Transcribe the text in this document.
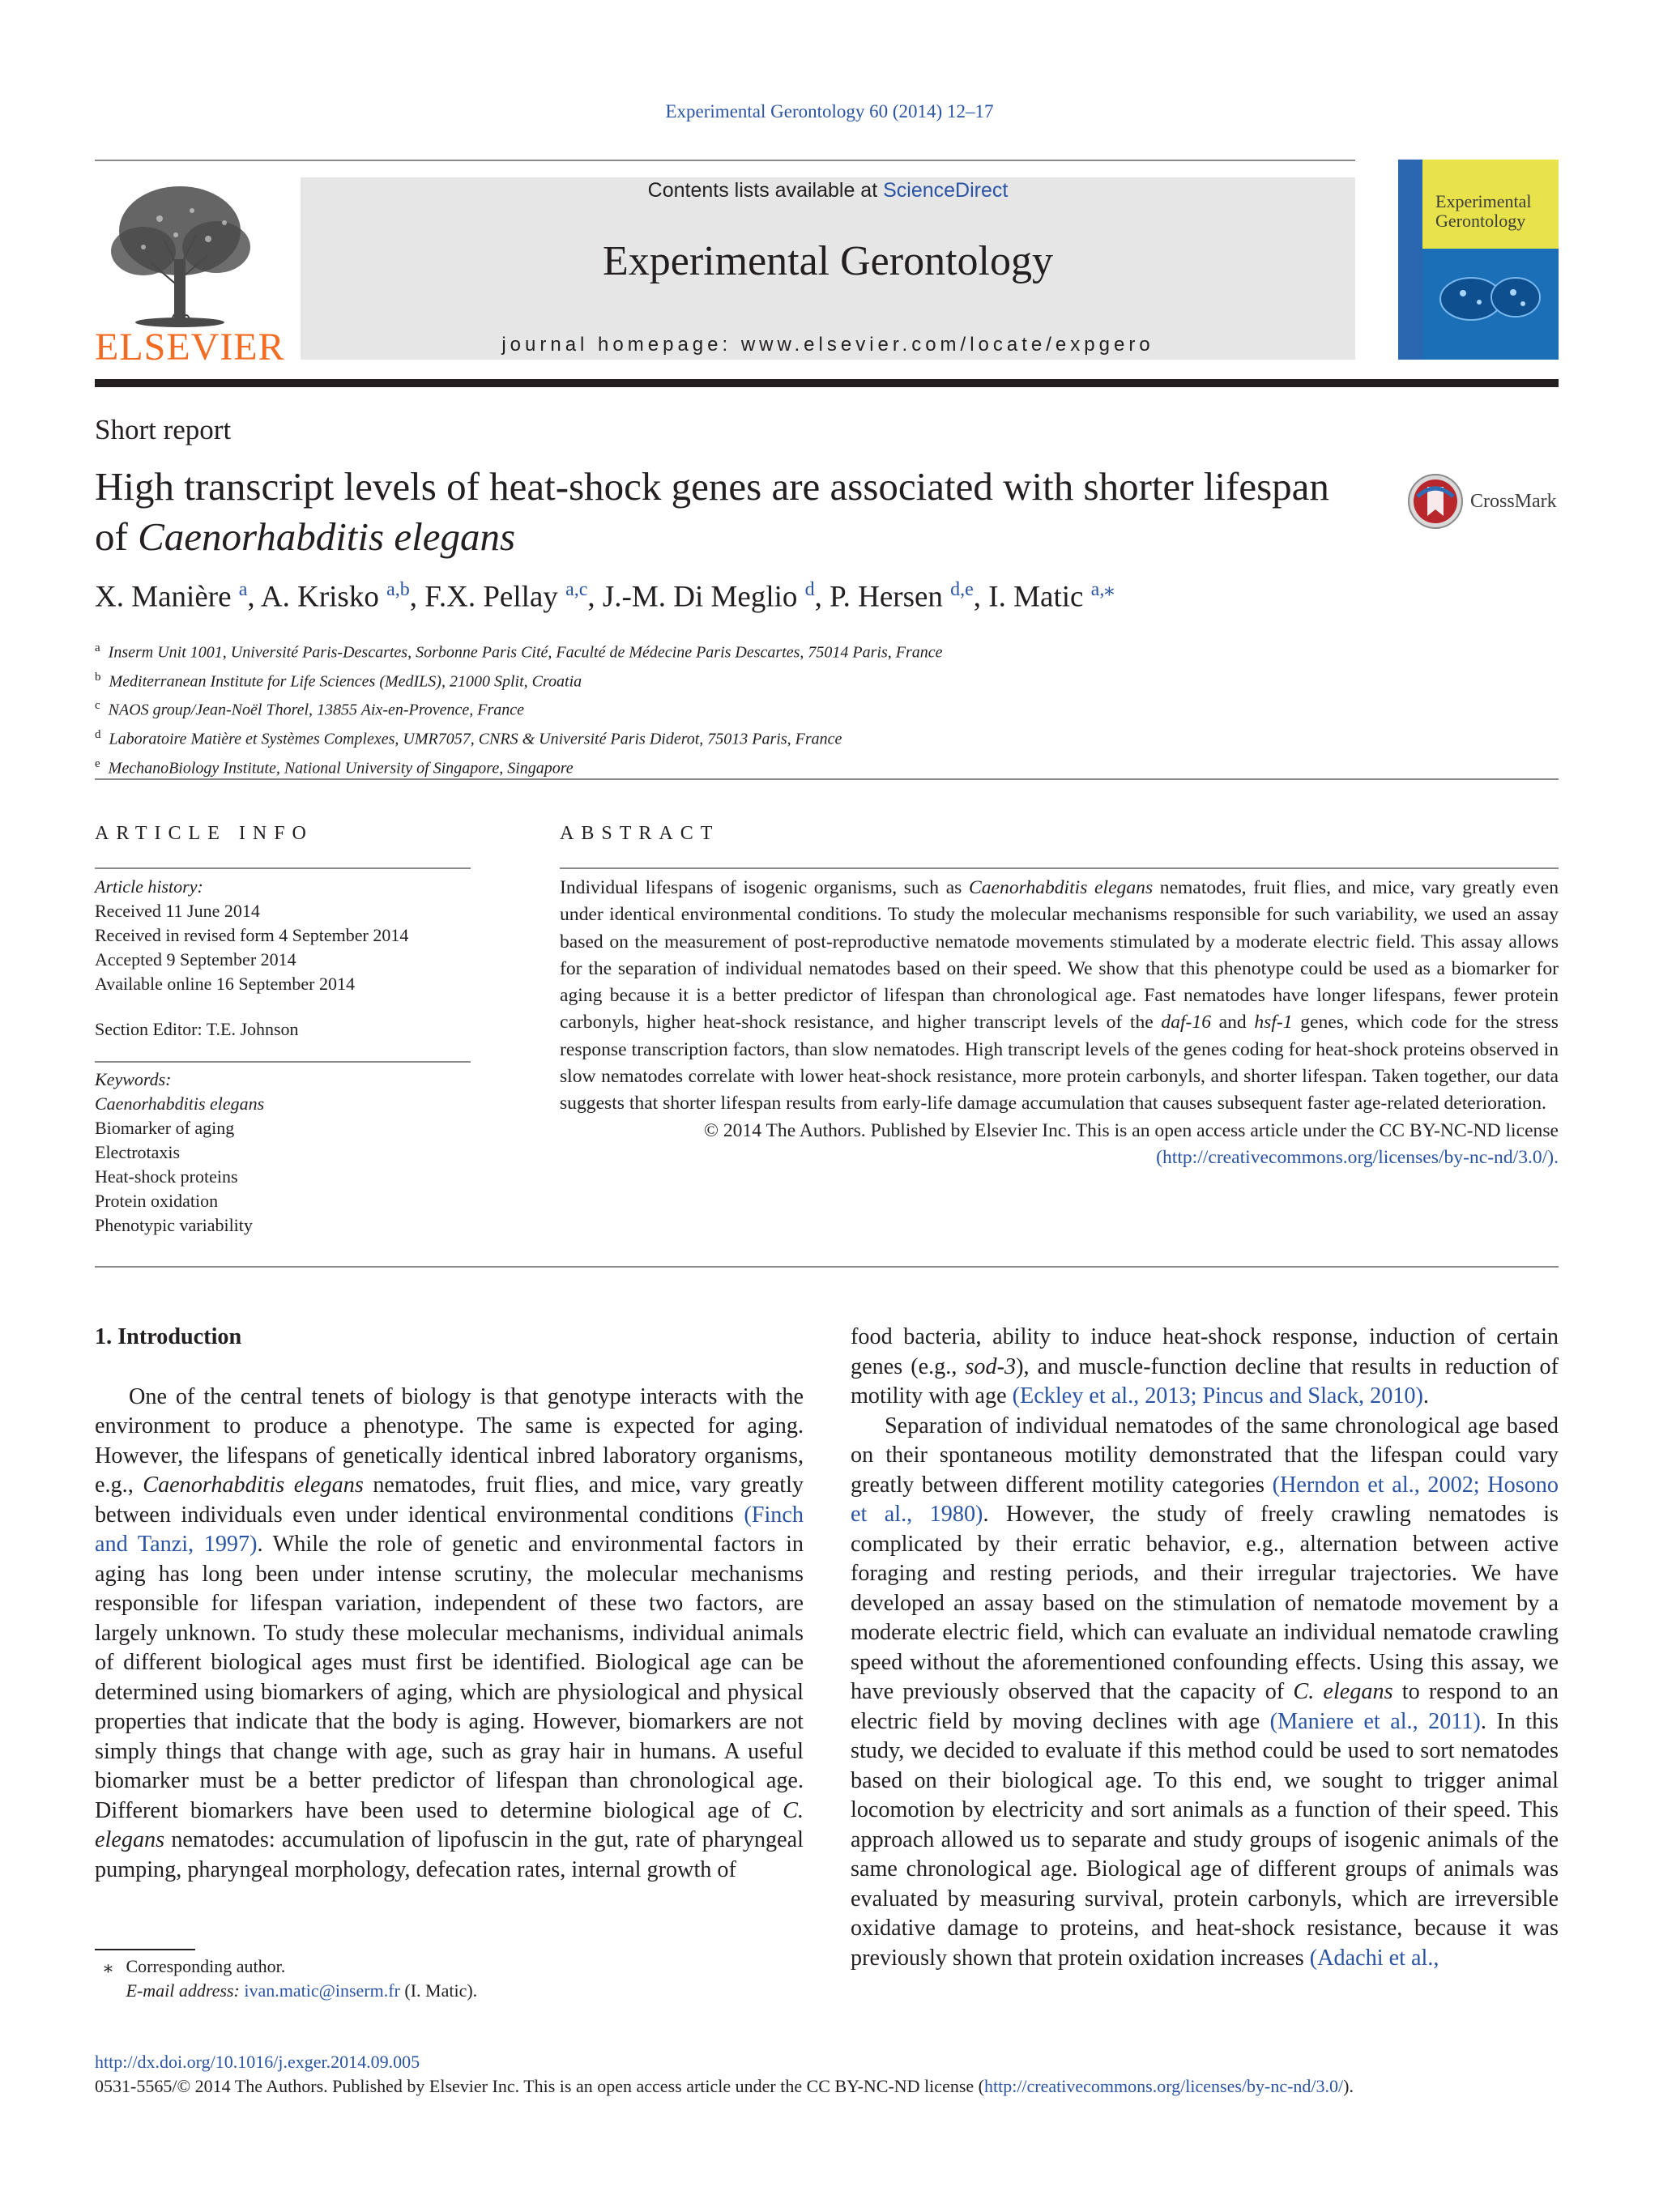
Experimental Gerontology 60 (2014) 12–17
ELSEVIER
Contents lists available at ScienceDirect
Experimental Gerontology
journal homepage: www.elsevier.com/locate/expgero
Experimental Gerontology
Short report
High transcript levels of heat-shock genes are associated with shorter lifespan of Caenorhabditis elegans
CrossMark
X. Manière $^a$, A. Krisko $^{a,b}$, F.X. Pellay $^{a,c}$, J.-M. Di Meglio $^d$, P. Hersen $^{d,e}$, I. Matic $^{a,⁎}$
$^a$ Inserm Unit 1001, Université Paris-Descartes, Sorbonne Paris Cité, Faculté de Médecine Paris Descartes, 75014 Paris, France
$^b$ Mediterranean Institute for Life Sciences (MedILS), 21000 Split, Croatia
$^c$ NAOS group/Jean-Noël Thorel, 13855 Aix-en-Provence, France
$^d$ Laboratoire Matière et Systèmes Complexes, UMR7057, CNRS & Université Paris Diderot, 75013 Paris, France
$^e$ MechanoBiology Institute, National University of Singapore, Singapore
ARTICLE INFO	ABSTRACT
Article history:
Received 11 June 2014
Received in revised form 4 September 2014
Accepted 9 September 2014
Available online 16 September 2014
Section Editor: T.E. Johnson
Keywords:
Caenorhabditis elegans
Biomarker of aging
Electrotaxis
Heat-shock proteins
Protein oxidation
Phenotypic variability

Individual lifespans of isogenic organisms, such as Caenorhabditis elegans nematodes, fruit flies, and mice, vary greatly even under identical environmental conditions. To study the molecular mechanisms responsible for such variability, we used an assay based on the measurement of post-reproductive nematode movements stimulated by a moderate electric field. This assay allows for the separation of individual nematodes based on their speed. We show that this phenotype could be used as a biomarker for aging because it is a better predictor of lifespan than chronological age. Fast nematodes have longer lifespans, fewer protein carbonyls, higher heat-shock resistance, and higher transcript levels of the daf-16 and hsf-1 genes, which code for the stress response transcription factors, than slow nematodes. High transcript levels of the genes coding for heat-shock proteins observed in slow nematodes correlate with lower heat-shock resistance, more protein carbonyls, and shorter lifespan. Taken together, our data suggests that shorter lifespan results from early-life damage accumulation that causes subsequent faster age-related deterioration.

© 2014 The Authors. Published by Elsevier Inc. This is an open access article under the CC BY-NC-ND license
(http://creativecommons.org/licenses/by-nc-nd/3.0/).

1. Introduction

One of the central tenets of biology is that genotype interacts with the environment to produce a phenotype. The same is expected for aging. However, the lifespans of genetically identical inbred laboratory organisms, e.g., Caenorhabditis elegans nematodes, fruit flies, and mice, vary greatly between individuals even under identical environmental conditions (Finch and Tanzi, 1997). While the role of genetic and environmental factors in aging has long been under intense scrutiny, the molecular mechanisms responsible for lifespan variation, independent of these two factors, are largely unknown. To study these molecular mechanisms, individual animals of different biological ages must first be identified. Biological age can be determined using biomarkers of aging, which are physiological and physical properties that indicate that the body is aging. However, biomarkers are not simply things that change with age, such as gray hair in humans. A useful biomarker must be a better predictor of lifespan than chronological age. Different biomarkers have been used to determine biological age of C. elegans nematodes: accumulation of lipofuscin in the gut, rate of pharyngeal pumping, pharyngeal morphology, defecation rates, internal growth of

food bacteria, ability to induce heat-shock response, induction of certain genes (e.g., sod-3), and muscle-function decline that results in reduction of motility with age (Eckley et al., 2013; Pincus and Slack, 2010).

Separation of individual nematodes of the same chronological age based on their spontaneous motility demonstrated that the lifespan could vary greatly between different motility categories (Herndon et al., 2002; Hosono et al., 1980). However, the study of freely crawling nematodes is complicated by their erratic behavior, e.g., alternation between active foraging and resting periods, and their irregular trajectories. We have developed an assay based on the stimulation of nematode movement by a moderate electric field, which can evaluate an individual nematode crawling speed without the aforementioned confounding effects. Using this assay, we have previously observed that the capacity of C. elegans to respond to an electric field by moving declines with age (Maniere et al., 2011). In this study, we decided to evaluate if this method could be used to sort nematodes based on their biological age. To this end, we sought to trigger animal locomotion by electricity and sort animals as a function of their speed. This approach allowed us to separate and study groups of isogenic animals of the same chronological age. Biological age of different groups of animals was evaluated by measuring survival, protein carbonyls, which are irreversible oxidative damage to proteins, and heat-shock resistance, because it was previously shown that protein oxidation increases (Adachi et al.,

⁎ Corresponding author.
E-mail address: ivan.matic@inserm.fr (I. Matic).
http://dx.doi.org/10.1016/j.exger.2014.09.005
0531-5565/© 2014 The Authors. Published by Elsevier Inc. This is an open access article under the CC BY-NC-ND license (http://creativecommons.org/licenses/by-nc-nd/3.0/).
